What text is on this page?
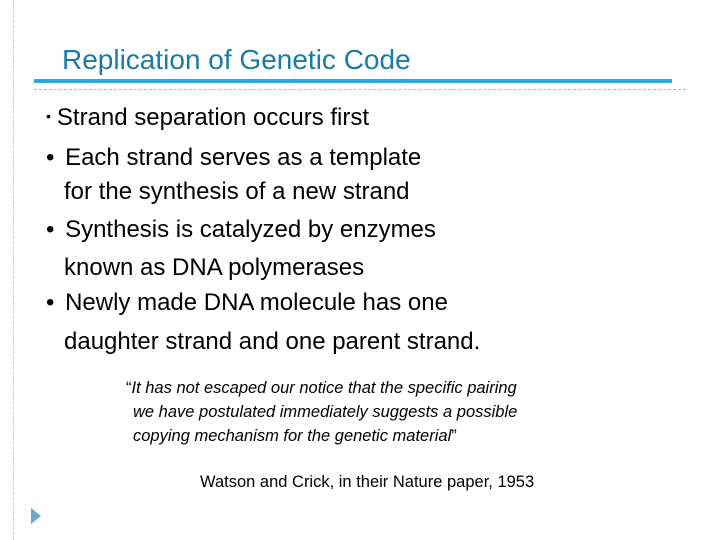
Replication of Genetic Code
• Strand separation occurs first
• Each strand serves as a template
for the synthesis of a new strand
• Synthesis is catalyzed by enzymes
known as DNA polymerases
• Newly made DNA molecule has one
daughter strand and one parent strand.
“It has not escaped our notice that the specific pairing
we have postulated immediately suggests a possible
copying mechanism for the genetic material”
Watson and Crick, in their Nature paper, 1953
